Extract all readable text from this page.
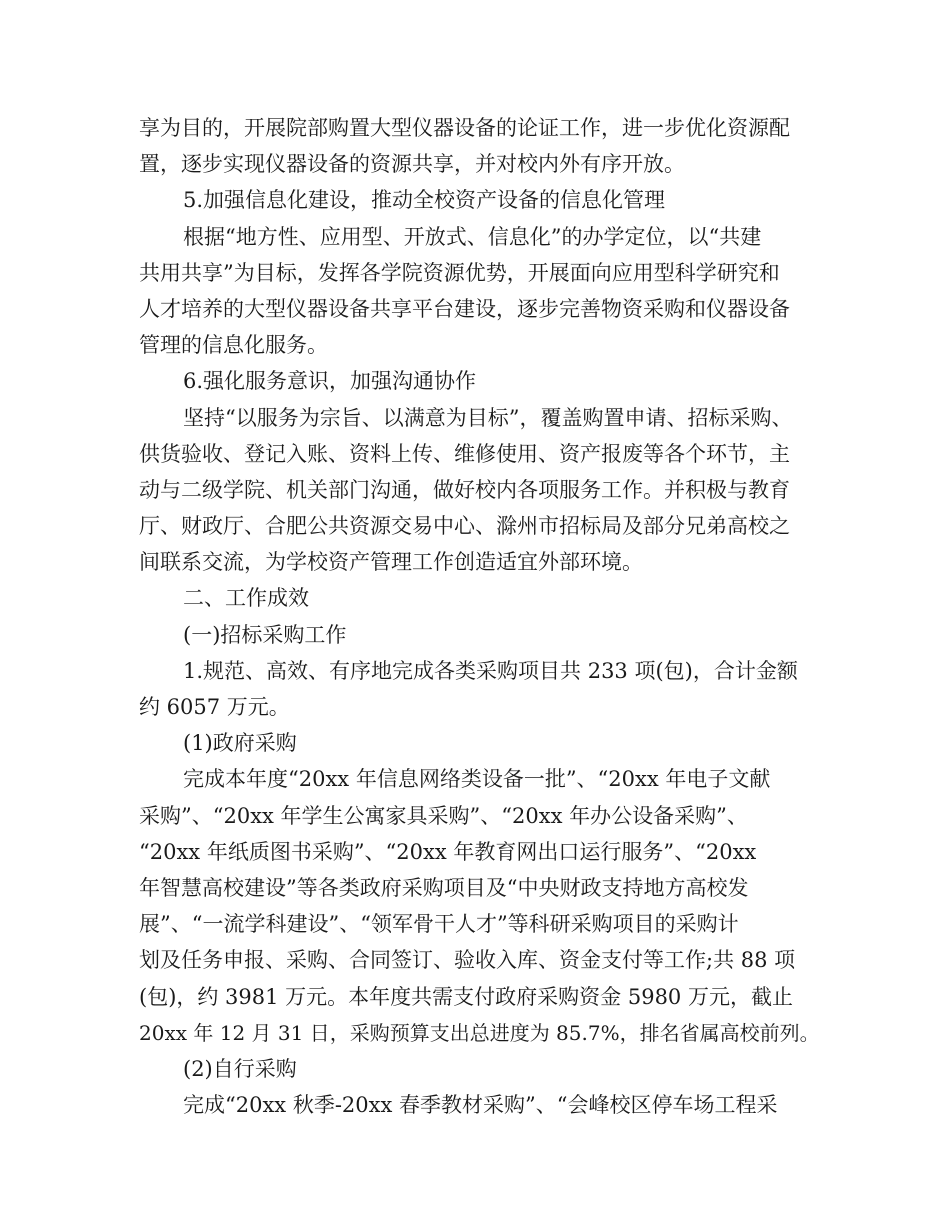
享为目的，开展院部购置大型仪器设备的论证工作，进一步优化资源配
置，逐步实现仪器设备的资源共享，并对校内外有序开放。
5.加强信息化建设，推动全校资产设备的信息化管理
根据“地方性、应用型、开放式、信息化”的办学定位，以“共建
共用共享”为目标，发挥各学院资源优势，开展面向应用型科学研究和
人才培养的大型仪器设备共享平台建设，逐步完善物资采购和仪器设备
管理的信息化服务。
6.强化服务意识，加强沟通协作
坚持“以服务为宗旨、以满意为目标”，覆盖购置申请、招标采购、
供货验收、登记入账、资料上传、维修使用、资产报废等各个环节，主
动与二级学院、机关部门沟通，做好校内各项服务工作。并积极与教育
厅、财政厅、合肥公共资源交易中心、滁州市招标局及部分兄弟高校之
间联系交流，为学校资产管理工作创造适宜外部环境。
二、工作成效
(一)招标采购工作
1.规范、高效、有序地完成各类采购项目共 233 项(包)，合计金额
约 6057 万元。
(1)政府采购
完成本年度“20xx 年信息网络类设备一批”、“20xx 年电子文献
采购”、“20xx 年学生公寓家具采购”、“20xx 年办公设备采购”、
“20xx 年纸质图书采购”、“20xx 年教育网出口运行服务”、“20xx
年智慧高校建设”等各类政府采购项目及“中央财政支持地方高校发
展”、“一流学科建设”、“领军骨干人才”等科研采购项目的采购计
划及任务申报、采购、合同签订、验收入库、资金支付等工作;共 88 项
(包)，约 3981 万元。本年度共需支付政府采购资金 5980 万元，截止
20xx 年 12 月 31 日，采购预算支出总进度为 85.7%，排名省属高校前列。
(2)自行采购
完成“20xx 秋季-20xx 春季教材采购”、“会峰校区停车场工程采
